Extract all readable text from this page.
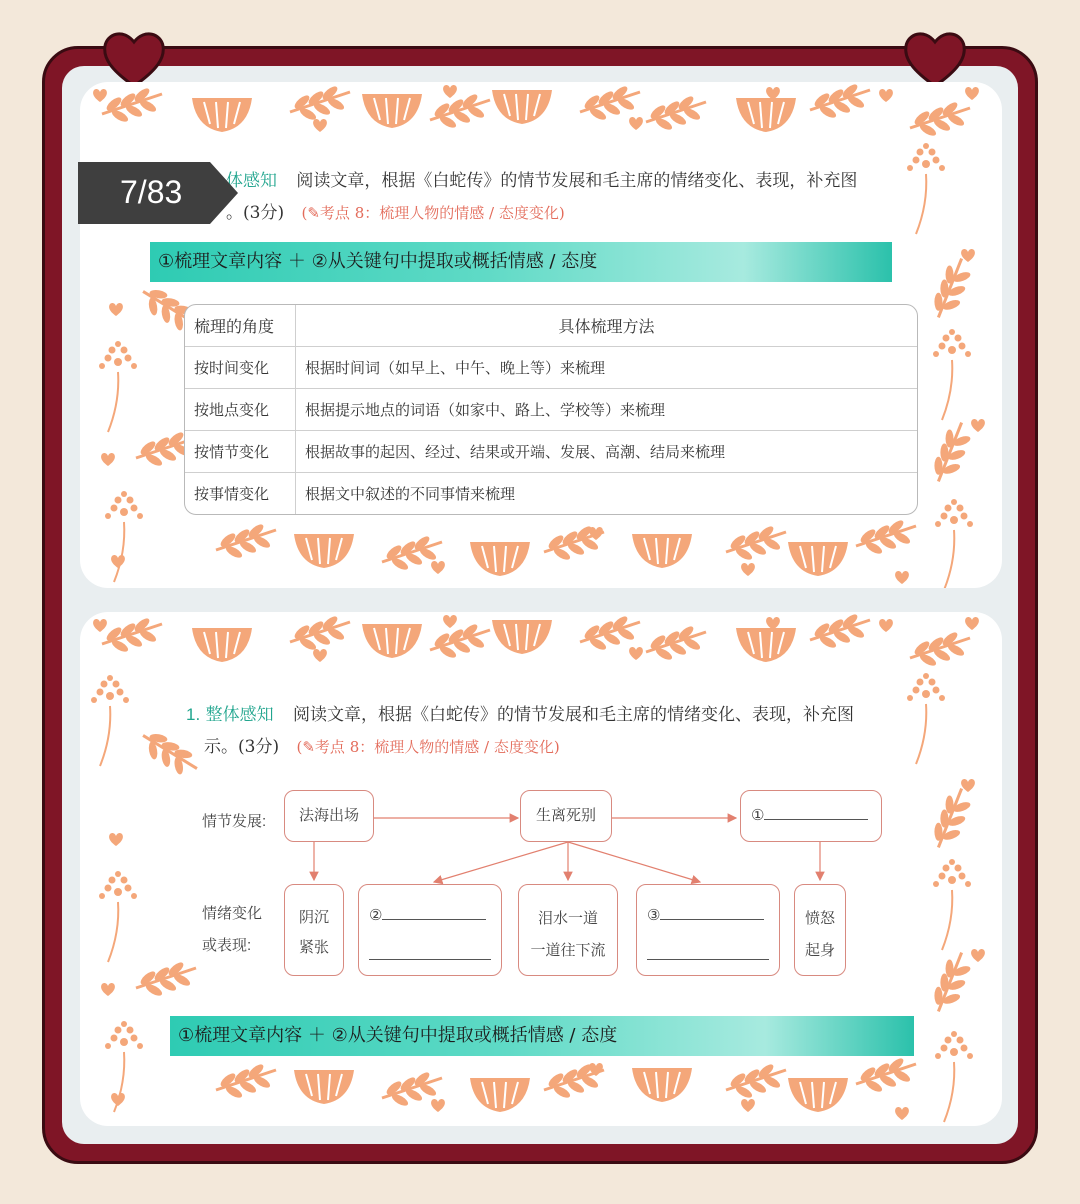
体感知 阅读文章，根据《白蛇传》的情节发展和毛主席的情绪变化、表现，补充图
。(3分) (✎考点 8：梳理人物的情感 / 态度变化)
①梳理文章内容 ＋ ②从关键句中提取或概括情感 / 态度
梳理的角度	具体梳理方法
按时间变化	根据时间词（如早上、中午、晚上等）来梳理
按地点变化	根据提示地点的词语（如家中、路上、学校等）来梳理
按情节变化	根据故事的起因、经过、结果或开端、发展、高潮、结局来梳理
按事情变化	根据文中叙述的不同事情来梳理
7/83
1. 整体感知 阅读文章，根据《白蛇传》的情节发展和毛主席的情绪变化、表现，补充图
示。(3分) (✎考点 8：梳理人物的情感 / 态度变化)
情节发展:
情绪变化
或表现:
法海出场	生离死别	①
阴沉
紧张
②	泪水一道
一道往下流
③	愤怒
起身
①梳理文章内容 ＋ ②从关键句中提取或概括情感 / 态度
